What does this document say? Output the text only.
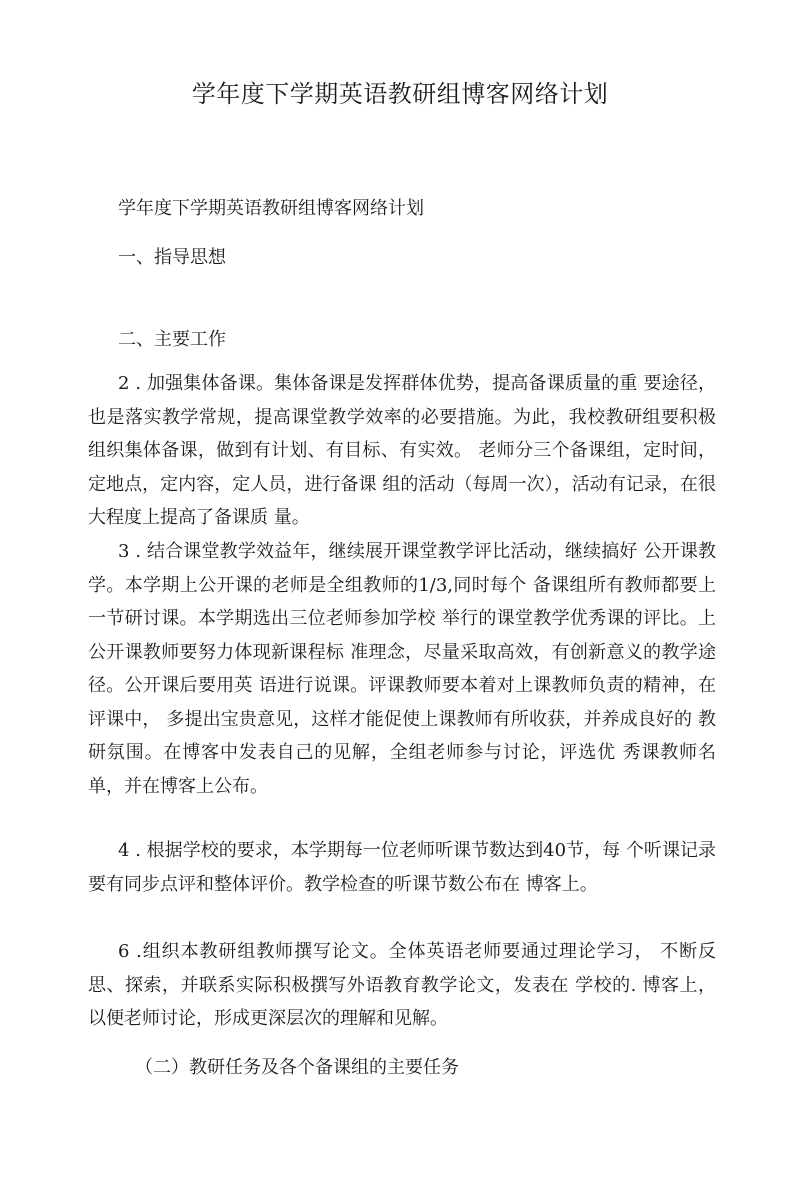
学年度下学期英语教研组博客网络计划

学年度下学期英语教研组博客网络计划

一、指导思想

二、主要工作

2 . 加强集体备课。集体备课是发挥群体优势，提高备课质量的重 要途径，也是落实教学常规，提高课堂教学效率的必要措施。为此，我校教研组要积极组织集体备课，做到有计划、有目标、有实效。 老师分三个备课组，定时间，定地点，定内容，定人员，进行备课 组的活动（每周一次），活动有记录，在很大程度上提高了备课质 量。

3 . 结合课堂教学效益年，继续展开课堂教学评比活动，继续搞好 公开课教学。本学期上公开课的老师是全组教师的1/3,同时每个 备课组所有教师都要上一节研讨课。本学期选出三位老师参加学校 举行的课堂教学优秀课的评比。上公开课教师要努力体现新课程标 准理念，尽量采取高效，有创新意义的教学途径。公开课后要用英 语进行说课。评课教师要本着对上课教师负责的精神，在评课中， 多提出宝贵意见，这样才能促使上课教师有所收获，并养成良好的 教研氛围。在博客中发表自己的见解，全组老师参与讨论，评选优 秀课教师名单，并在博客上公布。

4 . 根据学校的要求，本学期每一位老师听课节数达到40节，每 个听课记录要有同步点评和整体评价。教学检查的听课节数公布在 博客上。

6 .组织本教研组教师撰写论文。全体英语老师要通过理论学习， 不断反思、探索，并联系实际积极撰写外语教育教学论文，发表在 学校的. 博客上，以便老师讨论，形成更深层次的理解和见解。

（二）教研任务及各个备课组的主要任务
